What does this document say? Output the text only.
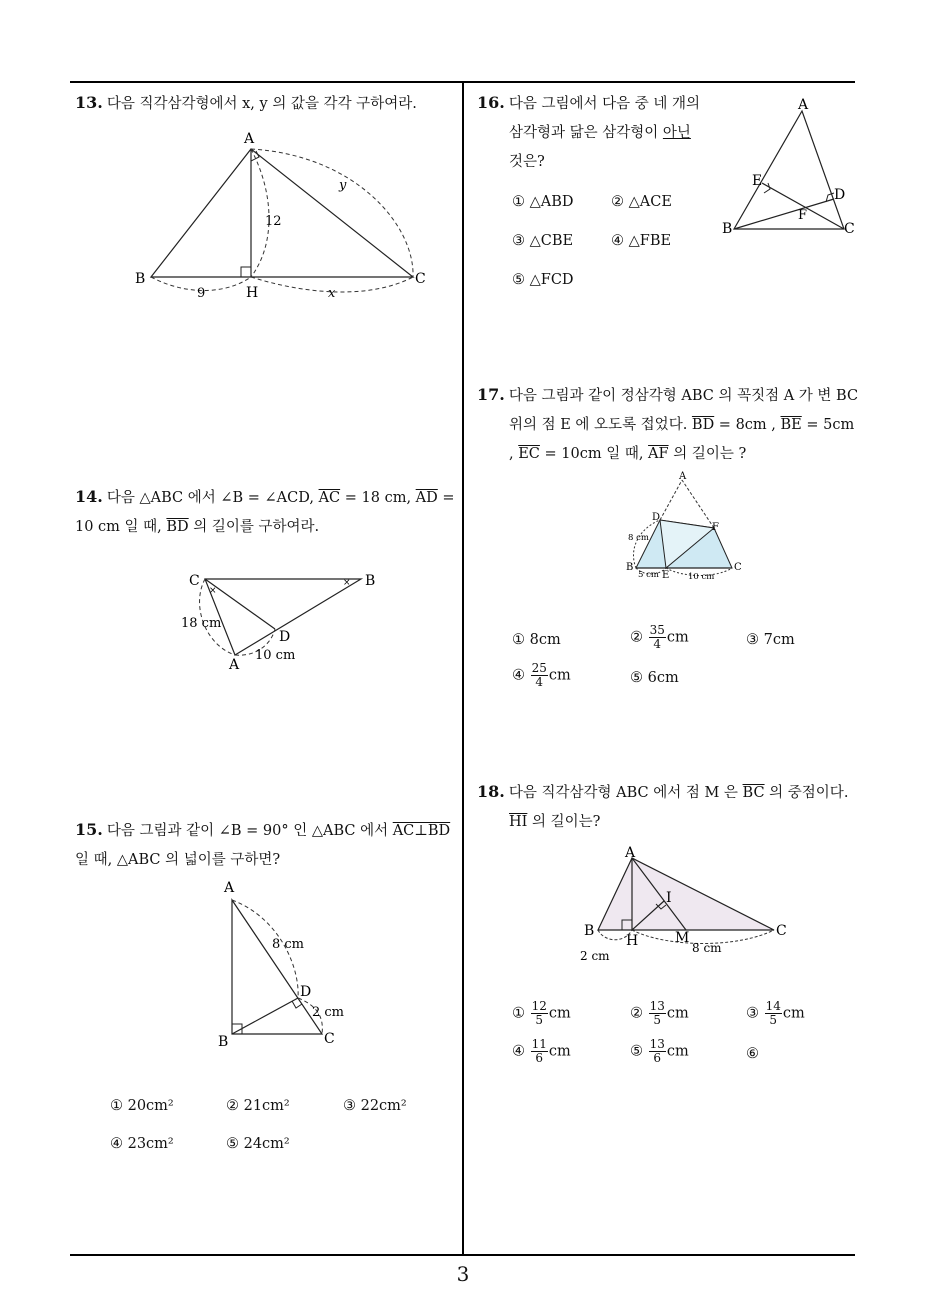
13. 다음 직각삼각형에서 x, y 의 값을 각각 구하여라.
A
B	C
H
12
9	x
y
14. 다음 △ABC 에서 ∠B = ∠ACD, $\overline{AC} = 18$ cm, $\overline{AD}$ =
10 cm 일 때, $\overline{BD}$ 의 길이를 구하여라.
×
×
C	B
D
A
18 cm
10 cm
15. 다음 그림과 같이 ∠B = 90° 인 △ABC 에서 AC⊥BD
일 때, △ABC 의 넓이를 구하면?
A
B	C
D
8 cm
2 cm
① 20cm²	② 21cm²	③ 22cm²
④ 23cm²	⑤ 24cm²
16. 다음 그림에서 다음 중 네 개의
삼각형과 닮은 삼각형이 아닌
것은?
A
B	C
D
E
F
① △ABD	② △ACE
③ △CBE	④ △FBE
⑤ △FCD
17. 다음 그림과 같이 정삼각형 ABC 의 꼭짓점 A 가 변 BC
위의 점 E 에 오도록 접었다. $\overline{BD} = 8cm$ , $\overline{BE} = 5cm$
, $\overline{EC} = 10cm$ 일 때, $\overline{AF}$ 의 길이는 ?
A
B	C
D
E
F
8 cm
5 cm	10 cm
① 8cm	② $\frac{35}{4}$ cm	③ 7cm
④ $\frac{25}{4}$ cm	⑤ 6cm
18. 다음 직각삼각형 ABC 에서 점 M 은 $\overline{BC}$ 의 중점이다.
$\overline{HI}$ 의 길이는?
A
B	C
H
I
M
2 cm
8 cm
① $\frac{12}{5}$ cm	② $\frac{13}{5}$ cm	③ $\frac{14}{5}$ cm
④ $\frac{11}{6}$ cm	⑤ $\frac{13}{6}$ cm	⑥
3
